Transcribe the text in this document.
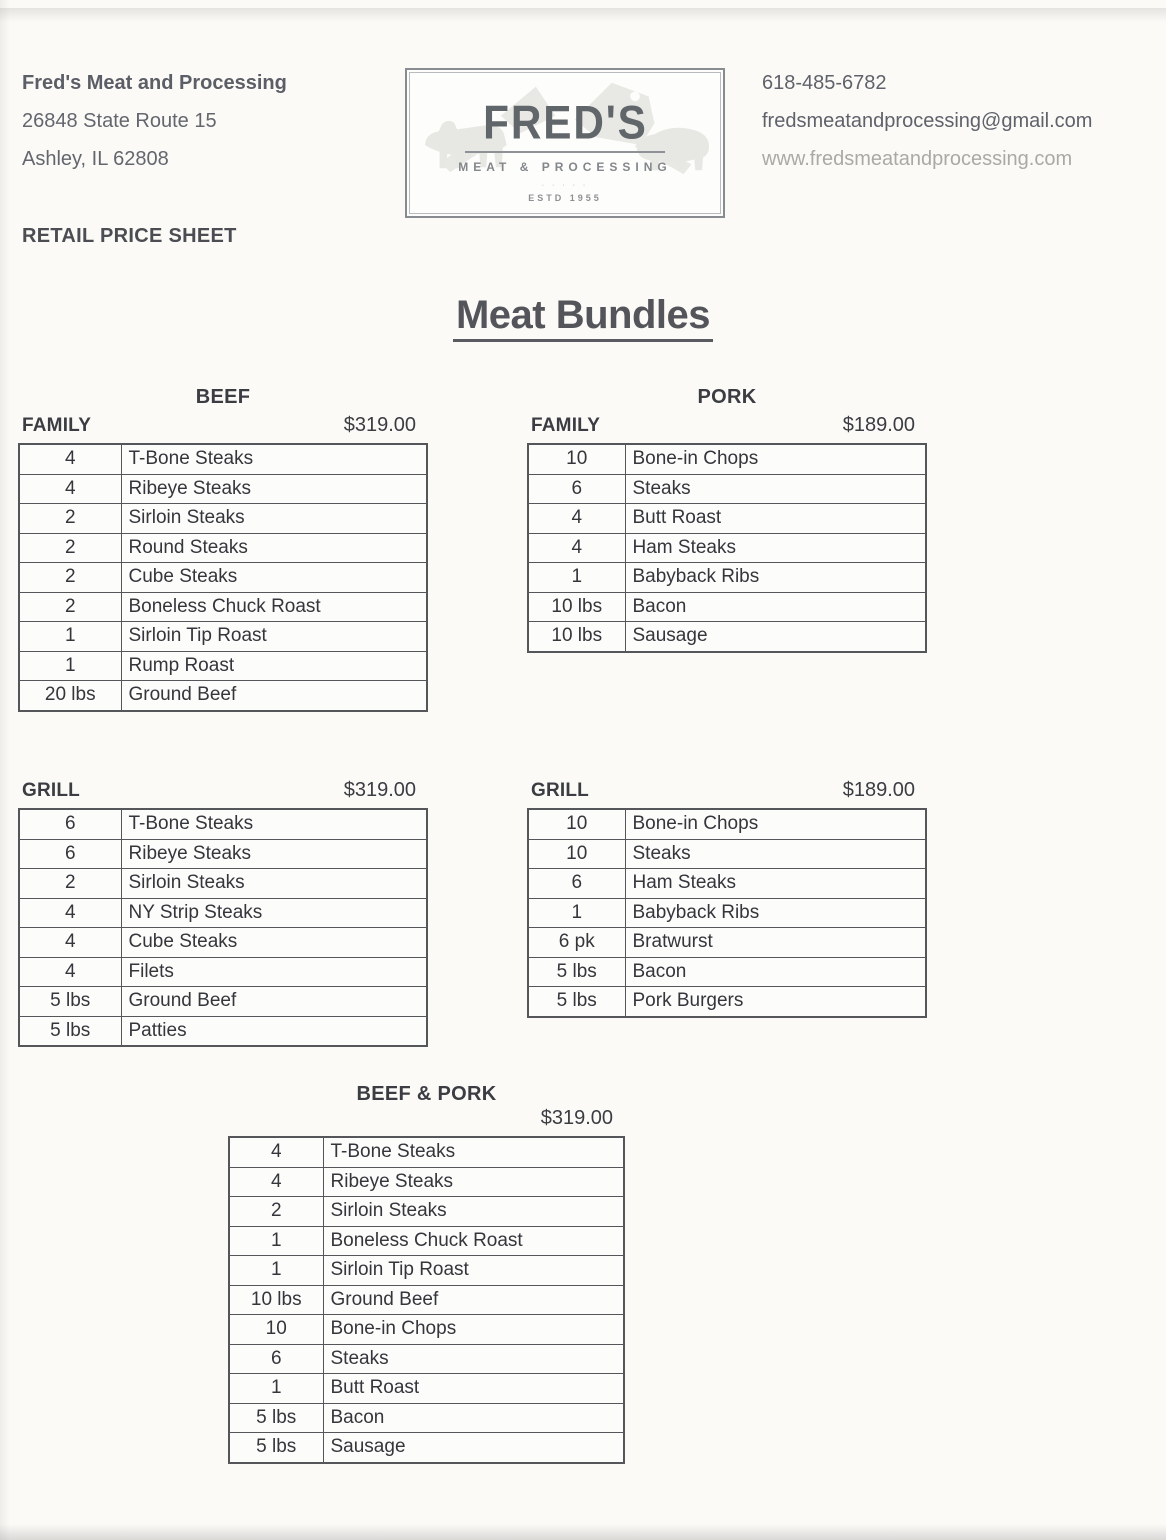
Fred's Meat and Processing
26848 State Route 15
Ashley, IL 62808
FRED'S
MEAT & PROCESSING
· · · · ·
ESTD 1955
618-485-6782
fredsmeatandprocessing@gmail.com
www.fredsmeatandprocessing.com
RETAIL PRICE SHEET
Meat Bundles
BEEF	PORK
BEEF & PORK
FAMILY	$319.00
4	T-Bone Steaks
4	Ribeye Steaks
2	Sirloin Steaks
2	Round Steaks
2	Cube Steaks
2	Boneless Chuck Roast
1	Sirloin Tip Roast
1	Rump Roast
20 lbs	Ground Beef
FAMILY	$189.00
10	Bone-in Chops
6	Steaks
4	Butt Roast
4	Ham Steaks
1	Babyback Ribs
10 lbs	Bacon
10 lbs	Sausage
GRILL	$319.00
6	T-Bone Steaks
6	Ribeye Steaks
2	Sirloin Steaks
4	NY Strip Steaks
4	Cube Steaks
4	Filets
5 lbs	Ground Beef
5 lbs	Patties
GRILL	$189.00
10	Bone-in Chops
10	Steaks
6	Ham Steaks
1	Babyback Ribs
6 pk	Bratwurst
5 lbs	Bacon
5 lbs	Pork Burgers
$319.00
4	T-Bone Steaks
4	Ribeye Steaks
2	Sirloin Steaks
1	Boneless Chuck Roast
1	Sirloin Tip Roast
10 lbs	Ground Beef
10	Bone-in Chops
6	Steaks
1	Butt Roast
5 lbs	Bacon
5 lbs	Sausage
